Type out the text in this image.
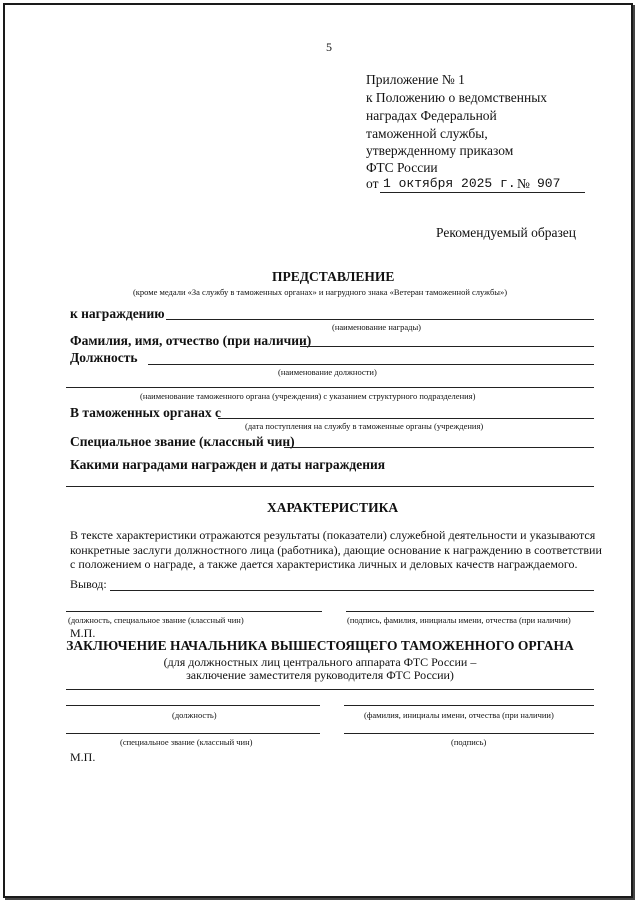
5
Приложение № 1
к Положению о ведомственных
наградах Федеральной
таможенной службы,
утвержденному приказом
ФТС России
от 1 октября 2025 г. № 907
Рекомендуемый образец
ПРЕДСТАВЛЕНИЕ
(кроме медали «За службу в таможенных органах» и нагрудного знака «Ветеран таможенной службы»)
к награждению
(наименование награды)
Фамилия, имя, отчество (при наличии)
Должность
(наименование должности)
(наименование таможенного органа (учреждения) с указанием структурного подразделения)
В таможенных органах с
(дата поступления на службу в таможенные органы (учреждения)
Специальное звание (классный чин)
Какими наградами награжден и даты награждения
ХАРАКТЕРИСТИКА
В тексте характеристики отражаются результаты (показатели) служебной деятельности и указываются
конкретные заслуги должностного лица (работника), дающие основание к награждению в соответствии
с положением о награде, а также дается характеристика личных и деловых качеств награждаемого.
Вывод:
(должность, специальное звание (классный чин)	(подпись, фамилия, инициалы имени, отчества (при наличии)
М.П.
ЗАКЛЮЧЕНИЕ НАЧАЛЬНИКА ВЫШЕСТОЯЩЕГО ТАМОЖЕННОГО ОРГАНА
(для должностных лиц центрального аппарата ФТС России –
заключение заместителя руководителя ФТС России)
(должность)	(фамилия, инициалы имени, отчества (при наличии)
(специальное звание (классный чин)	(подпись)
М.П.
